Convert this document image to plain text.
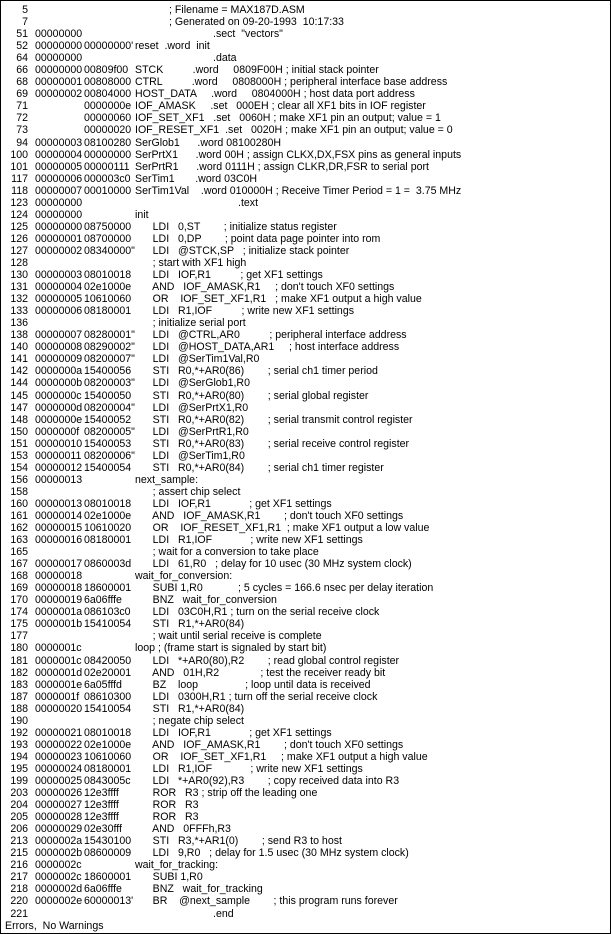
5	; Filename = MAX187D.ASM
7	; Generated on 09-20-1993  10:17:33
51 00000000	.sect  "vectors"
52 00000000 00000000' reset  .word  init
64 00000000	.data
66 00000000 00809f00 STCK          .word     0809F00H ; initial stack pointer
68 00000001 00808000 CTRL          .word     0808000H ; peripheral interface base address
69 00000002 00804000 HOST_DATA     .word     0804000H ; host data port address
71	0000000e IOF_AMASK     .set   000EH ; clear all XF1 bits in IOF register
72	00000060 IOF_SET_XF1   .set   0060H ; make XF1 pin an output; value = 1
73	00000020 IOF_RESET_XF1  .set   0020H ; make XF1 pin an output; value = 0
94 00000003 08100280 SerGlob1      .word 08100280H
100 00000004 00000000 SerPrtX1      .word 00H ; assign CLKX,DX,FSX pins as general inputs
101 00000005 00000111 SerPrtR1      .word 0111H ; assign CLKR,DR,FSR to serial port
117 00000006 000003c0 SerTim1       .word 03C0H
118 00000007 00010000 SerTim1Val    .word 010000H ; Receive Timer Period = 1 =  3.75 MHz
123 00000000	.text
124 00000000	init
125 00000000 08750000 LDI   0,ST        ; initialize status register
126 00000001 08700000 LDI   0,DP        ; point data page pointer into rom
127 00000002 08340000" LDI   @STCK,SP   ; initialize stack pointer
128	; start with XF1 high
130 00000003 08010018 LDI   IOF,R1          ; get XF1 settings
131 00000004 02e1000e AND   IOF_AMASK,R1     ; don't touch XF0 settings
132 00000005 10610060 OR    IOF_SET_XF1,R1   ; make XF1 output a high value
133 00000006 08180001 LDI   R1,IOF          ; write new XF1 settings
136	; initialize serial port
138 00000007 08280001" LDI   @CTRL,AR0          ; peripheral interface address
140 00000008 08290002" LDI   @HOST_DATA,AR1     ; host interface address
141 00000009 08200007" LDI   @SerTim1Val,R0
142 0000000a 15400056 STI   R0,*+AR0(86)        ; serial ch1 timer period
144 0000000b 08200003" LDI   @SerGlob1,R0
145 0000000c 15400050 STI   R0,*+AR0(80)        ; serial global register
147 0000000d 08200004" LDI   @SerPrtX1,R0
148 0000000e 15400052 STI   R0,*+AR0(82)        ; serial transmit control register
150 0000000f 08200005" LDI   @SerPrtR1,R0
151 00000010 15400053 STI   R0,*+AR0(83)        ; serial receive control register
153 00000011 08200006" LDI   @SerTim1,R0
154 00000012 15400054 STI   R0,*+AR0(84)        ; serial ch1 timer register
156 00000013	next_sample:
158	; assert chip select
160 00000013 08010018 LDI   IOF,R1             ; get XF1 settings
161 00000014 02e1000e AND   IOF_AMASK,R1        ; don't touch XF0 settings
162 00000015 10610020 OR    IOF_RESET_XF1,R1  ; make XF1 output a low value
163 00000016 08180001 LDI   R1,IOF             ; write new XF1 settings
165	; wait for a conversion to take place
167 00000017 0860003d LDI   61,R0   ; delay for 10 usec (30 MHz system clock)
168 00000018	wait_for_conversion:
169 00000018 18600001 SUBI 1,R0            ; 5 cycles = 166.6 nsec per delay iteration
170 00000019 6a06fffe BNZ   wait_for_conversion
174 0000001a 086103c0 LDI   03C0H,R1 ; turn on the serial receive clock
175 0000001b 15410054 STI   R1,*+AR0(84)
177	; wait until serial receive is complete
180 0000001c	loop ; (frame start is signaled by start bit)
181 0000001c 08420050 LDI   *+AR0(80),R2        ; read global control register
182 0000001d 02e20001 AND   01H,R2              ; test the receiver ready bit
183 0000001e 6a05fffd BZ    loop                ; loop until data is received
187 0000001f 08610300 LDI   0300H,R1 ; turn off the serial receive clock
188 00000020 15410054 STI   R1,*+AR0(84)
190	; negate chip select
192 00000021 08010018 LDI   IOF,R1             ; get XF1 settings
193 00000022 02e1000e AND   IOF_AMASK,R1        ; don't touch XF0 settings
194 00000023 10610060 OR    IOF_SET_XF1,R1     ; make XF1 output a high value
195 00000024 08180001 LDI   R1,IOF             ; write new XF1 settings
199 00000025 0843005c LDI   *+AR0(92),R3        ; copy received data into R3
203 00000026 12e3ffff ROR   R3 ; strip off the leading one
204 00000027 12e3ffff ROR   R3
205 00000028 12e3ffff ROR   R3
206 00000029 02e30fff AND   0FFFh,R3
213 0000002a 15430100 STI   R3,*+AR1(0)        ; send R3 to host
215 0000002b 08600009 LDI   9,R0   ; delay for 1.5 usec (30 MHz system clock)
216 0000002c	wait_for_tracking:
217 0000002c 18600001 SUBI 1,R0
218 0000002d 6a06fffe BNZ   wait_for_tracking
220 0000002e 60000013' BR    @next_sample        ; this program runs forever
221	.end
Errors,  No Warnings
